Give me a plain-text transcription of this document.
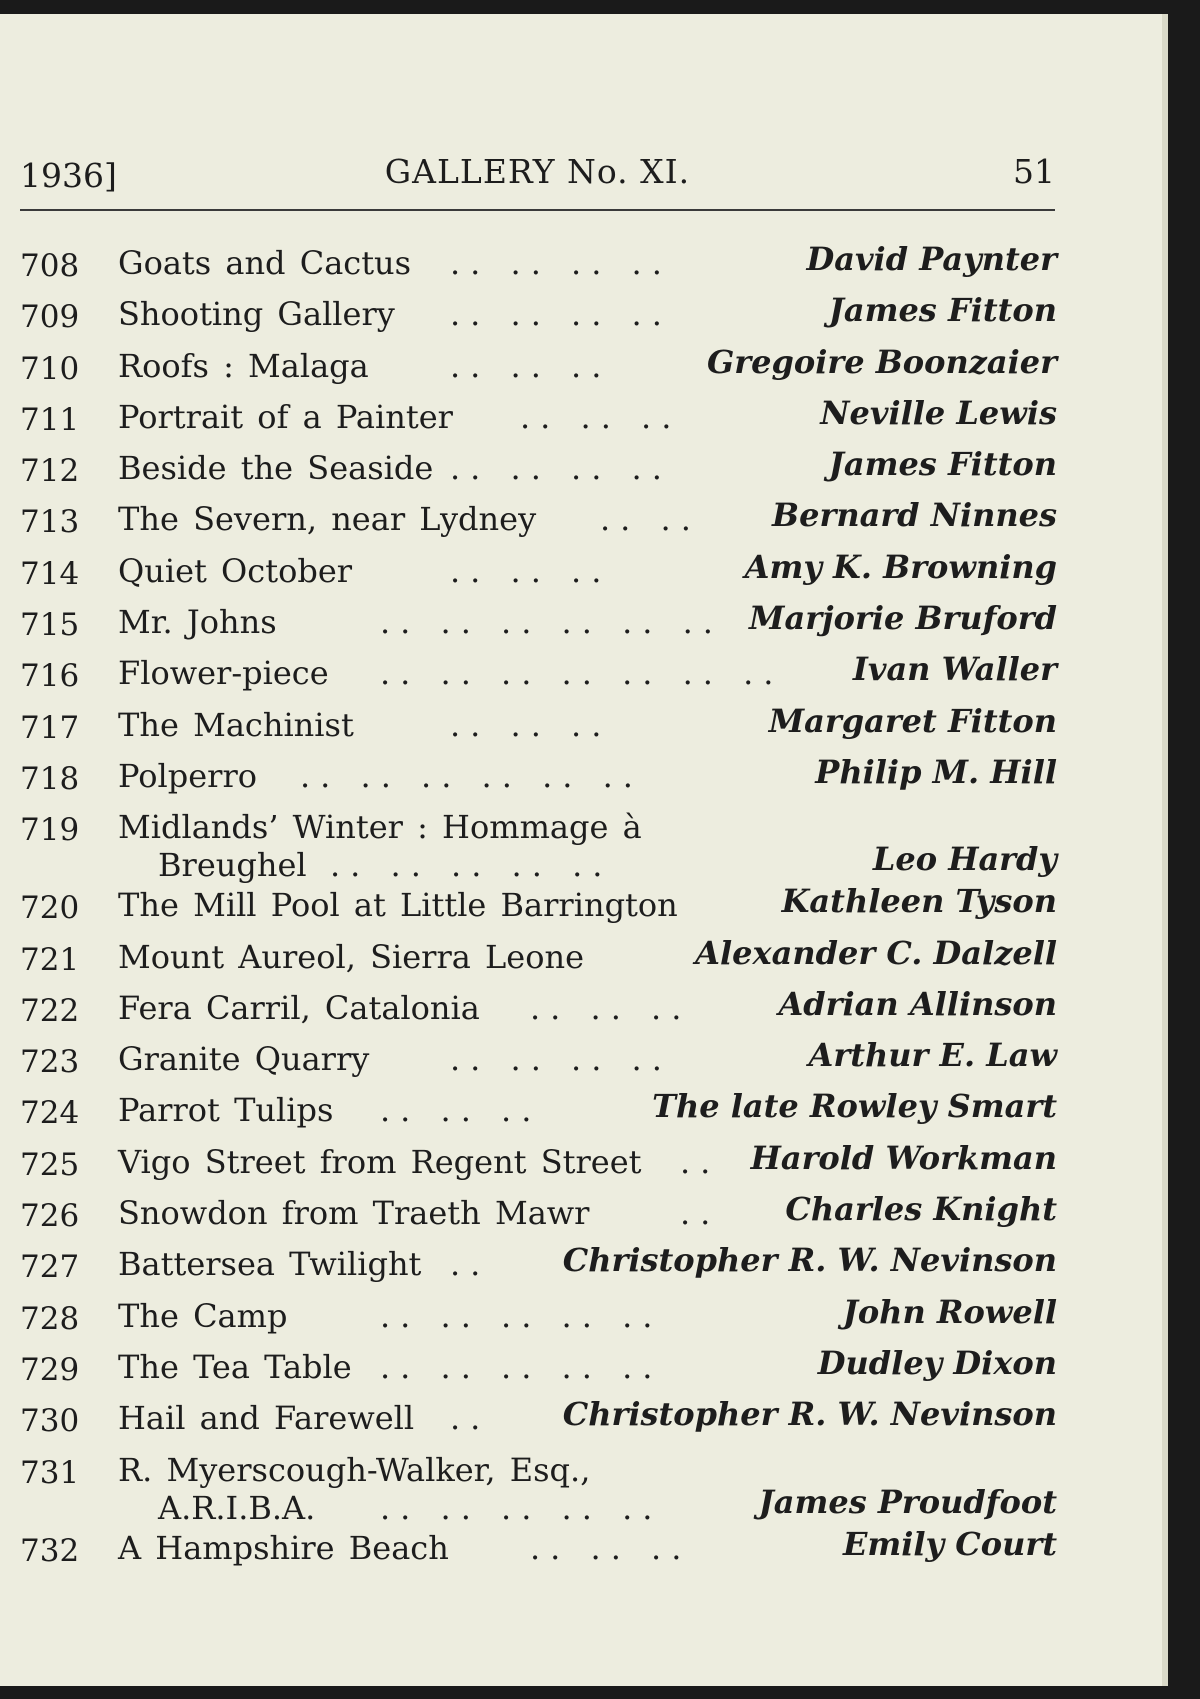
1936]	GALLERY No. XI.	51
708	Goats and Cactus .. .. .. ..	David Paynter
709	Shooting Gallery .. .. .. ..	James Fitton
710	Roofs : Malaga	.. .. ..	Gregoire Boonzaier
711	Portrait of a Painter .. .. ..	Neville Lewis
712	Beside the Seaside .. .. .. ..	James Fitton
713	The Severn, near Lydney .. .. Bernard Ninnes
714	Quiet October	.. .. ..	Amy K. Browning
715	Mr. Johns	.. .. .. .. .. .. Marjorie Bruford
716	Flower-piece .. .. .. .. .. .. .. Ivan Waller
717	The Machinist	.. .. ..	Margaret Fitton
718	Polperro .. .. .. .. .. ..	Philip M. Hill
719	Midlands’ Winter : Hommage à
Breughel .. .. .. .. ..	Leo Hardy
720	The Mill Pool at Little Barrington	Kathleen Tyson
721	Mount Aureol, Sierra Leone	Alexander C. Dalzell
722	Fera Carril, Catalonia .. .. ..	Adrian Allinson
723	Granite Quarry	.. .. .. ..	Arthur E. Law
724	Parrot Tulips .. .. ..	The late Rowley Smart
725	Vigo Street from Regent Street .. Harold Workman
726	Snowdon from Traeth Mawr	.. Charles Knight
727	Battersea Twilight .. Christopher R. W. Nevinson
728	The Camp	.. .. .. .. ..	John Rowell
729	The Tea Table .. .. .. .. ..	Dudley Dixon
730	Hail and Farewell .. Christopher R. W. Nevinson
731	R. Myerscough-Walker, Esq.,
A.R.I.B.A. .. .. .. .. ..	James Proudfoot
732	A Hampshire Beach	.. .. ..	Emily Court
